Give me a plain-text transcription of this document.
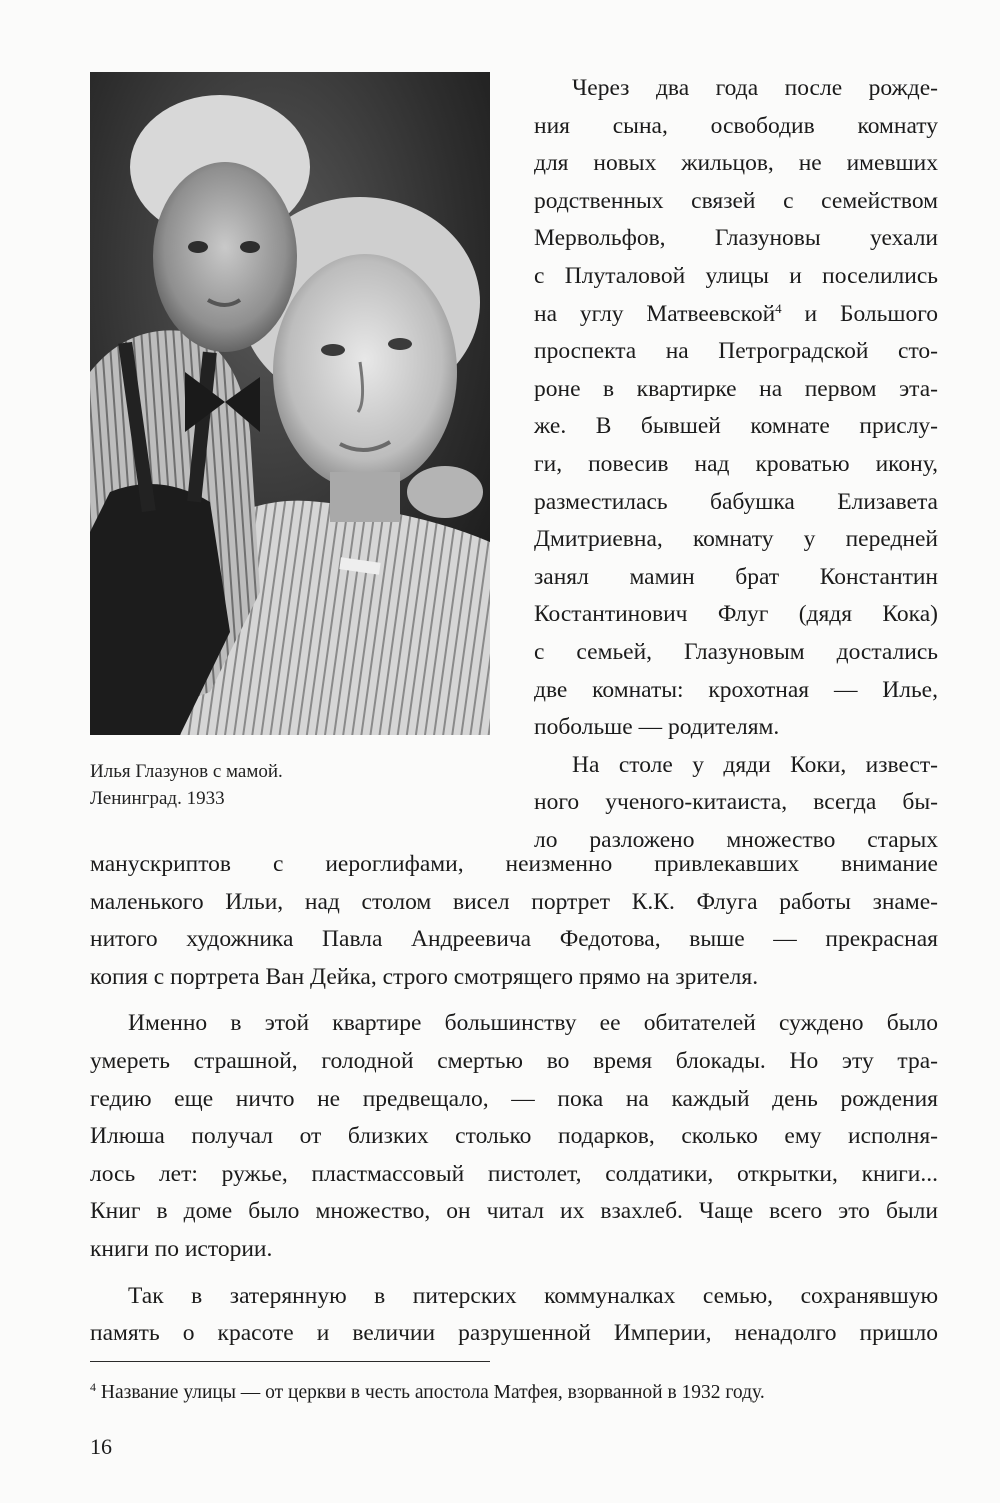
Илья Глазунов с мамой.
Ленинград. 1933
Через два года после рожде-
ния сына, освободив комнату
для новых жильцов, не имевших
родственных связей с семейством
Мервольфов, Глазуновы уехали
с Плуталовой улицы и поселились
на углу Матвеевской$^4$ и Большого
проспекта на Петроградской сто-
роне в квартирке на первом эта-
же. В бывшей комнате прислу-
ги, повесив над кроватью икону,
разместилась бабушка Елизавета
Дмитриевна, комнату у передней
занял мамин брат Константин
Костантинович Флуг (дядя Кока)
с семьей, Глазуновым достались
две комнаты: крохотная — Илье,
побольше — родителям.
На столе у дяди Коки, извест-
ного ученого-китаиста, всегда бы-
ло разложено множество старых
манускриптов с иероглифами, неизменно привлекавших внимание
маленького Ильи, над столом висел портрет К.К. Флуга работы знаме-
нитого художника Павла Андреевича Федотова, выше — прекрасная
копия с портрета Ван Дейка, строго смотрящего прямо на зрителя.
Именно в этой квартире большинству ее обитателей суждено было
умереть страшной, голодной смертью во время блокады. Но эту тра-
гедию еще ничто не предвещало, — пока на каждый день рождения
Илюша получал от близких столько подарков, сколько ему исполня-
лось лет: ружье, пластмассовый пистолет, солдатики, открытки, книги...
Книг в доме было множество, он читал их взахлеб. Чаще всего это были
книги по истории.
Так в затерянную в питерских коммуналках семью, сохранявшую
память о красоте и величии разрушенной Империи, ненадолго пришло
$^4$ Название улицы — от церкви в честь апостола Матфея, взорванной в 1932 году.
16
